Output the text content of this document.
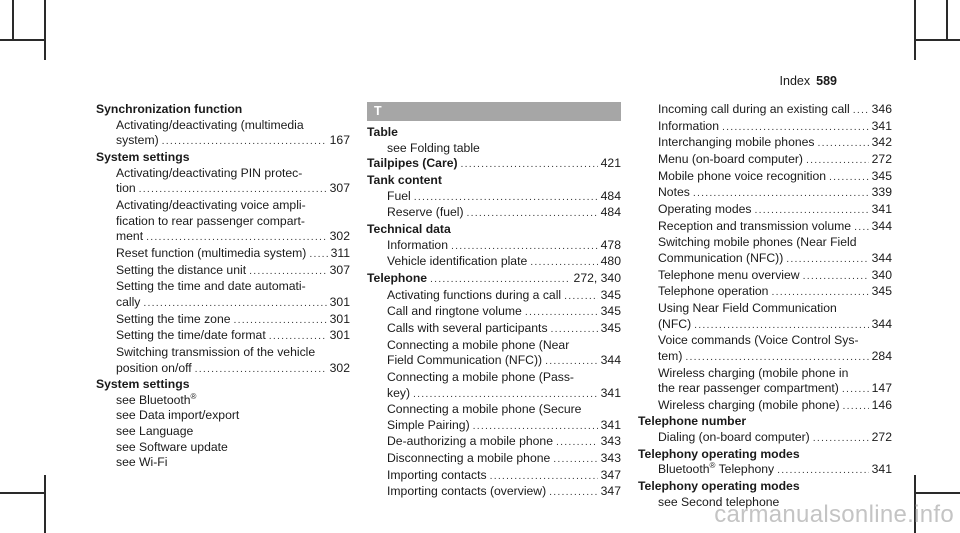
Index 589
Synchronization function
Activating/deactivating (multimedia
system) .....	167
System settings
Activating/deactivating PIN protec-
tion .....	307
Activating/deactivating voice ampli-
fication to rear passenger compart-
ment .....	302
Reset function (multimedia system) ..... 311
Setting the distance unit .....	307
Setting the time and date automati-
cally .....	301
Setting the time zone .....	301
Setting the time/date format .....	301
Switching transmission of the vehicle
position on/off .....	302
System settings
see Bluetooth®
see Data import/export
see Language
see Software update
see Wi-Fi
T
Table
see Folding table
Tailpipes (Care) .....	421
Tank content
Fuel .....	484
Reserve (fuel) .....	484
Technical data
Information .....	478
Vehicle identification plate .....	480
Telephone .....	272, 340
Activating functions during a call .....	345
Call and ringtone volume .....	345
Calls with several participants .....	345
Connecting a mobile phone (Near
Field Communication (NFC)) .....	344
Connecting a mobile phone (Pass-
key) .....	341
Connecting a mobile phone (Secure
Simple Pairing) .....	341
De-authorizing a mobile phone .....	343
Disconnecting a mobile phone .....	343
Importing contacts .....	347
Importing contacts (overview) .....	347
Incoming call during an existing call ..... 346
Information .....	341
Interchanging mobile phones .....	342
Menu (on-board computer) .....	272
Mobile phone voice recognition .....	345
Notes .....	339
Operating modes .....	341
Reception and transmission volume ..... 344
Switching mobile phones (Near Field
Communication (NFC)) .....	344
Telephone menu overview .....	340
Telephone operation .....	345
Using Near Field Communication
(NFC) .....	344
Voice commands (Voice Control Sys-
tem) .....	284
Wireless charging (mobile phone in
the rear passenger compartment) .....	147
Wireless charging (mobile phone) .....	146
Telephone number
Dialing (on-board computer) .....	272
Telephony operating modes
Bluetooth® Telephony .....	341
Telephony operating modes
see Second telephone
carmanualsonline.info
